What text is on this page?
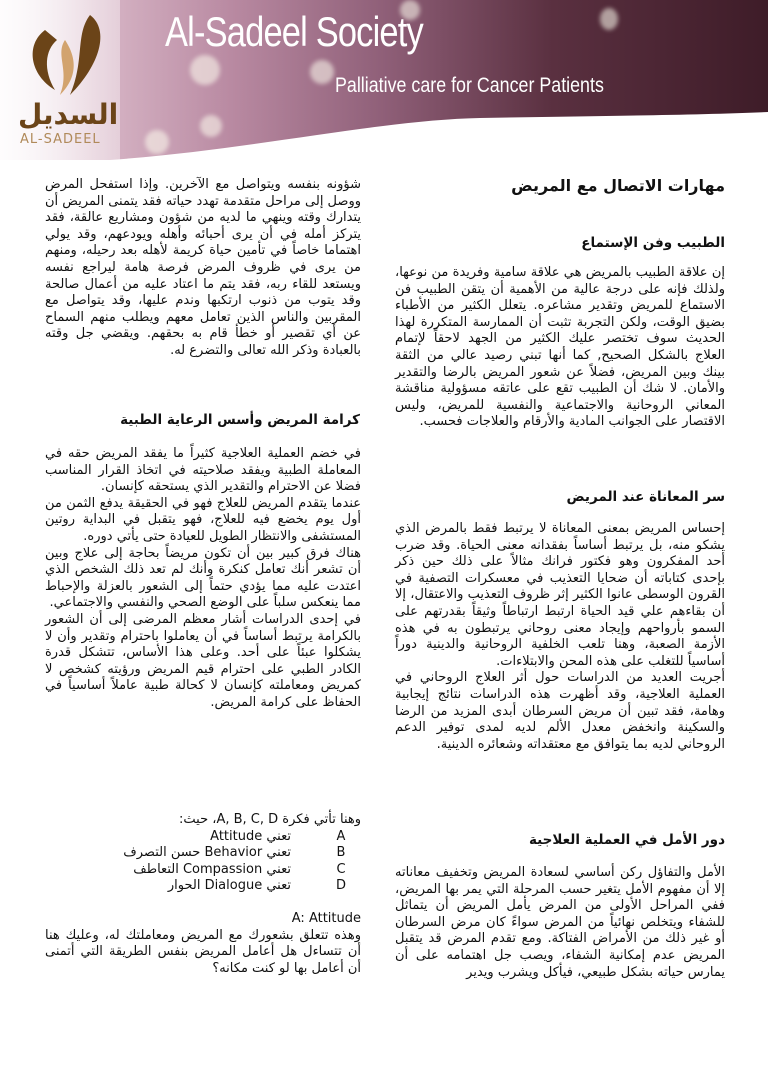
السديل
AL-SADEEL
Al-Sadeel Society
Palliative care for Cancer Patients
مهارات الاتصال مع المريض
الطبيب وفن الإستماع

إن علاقة الطبيب بالمريض هي علاقة سامية وفريدة من نوعها، ولذلك فإنه على درجة عالية من الأهمية أن يتقن الطبيب فن الاستماع للمريض وتقدير مشاعره. يتعلل الكثير من الأطباء بضيق الوقت، ولكن التجربة تثبت أن الممارسة المتكررة لهذا الحديث سوف تختصر عليك الكثير من الجهد لاحقاً لإتمام العلاج بالشكل الصحيح, كما أنها تبني رصيد عالي من الثقة بينك وبين المريض، فضلاً عن شعور المريض بالرضا والتقدير والأمان. لا شك أن الطبيب تقع على عاتقه مسؤولية مناقشة المعاني الروحانية والاجتماعية والنفسية للمريض، وليس الاقتصار على الجوانب المادية والأرقام والعلاجات فحسب.

سر المعاناة عند المريض

إحساس المريض بمعنى المعاناة لا يرتبط فقط بالمرض الذي يشكو منه، بل يرتبط أساساً بفقدانه معنى الحياة. وقد ضرب أحد المفكرون وهو فكتور فرانك مثالاً على ذلك حين ذكر بإحدى كتاباته أن ضحايا التعذيب في معسكرات التصفية في القرون الوسطى عانوا الكثير إثر ظروف التعذيب والاعتقال، إلا أن بقاءهم علي قيد الحياة ارتبط ارتباطاً وثيقاً بقدرتهم على السمو بأرواحهم وإيجاد معنى روحاني يرتبطون به في هذه الأزمة الصعبة، وهنا تلعب الخلفية الروحانية والدينية دوراً أساسياً للتغلب على هذه المحن والابتلاءات.

أجريت العديد من الدراسات حول أثر العلاج الروحاني في العملية العلاجية، وقد أظهرت هذه الدراسات نتائج إيجابية وهامة، فقد تبين أن مريض السرطان أبدى المزيد من الرضا والسكينة وانخفض معدل الألم لديه لمدى توفير الدعم الروحاني لديه بما يتوافق مع معتقداته وشعائره الدينية.

دور الأمل في العملية العلاجية

الأمل والتفاؤل ركن أساسي لسعادة المريض وتخفيف معاناته إلا أن مفهوم الأمل يتغير حسب المرحلة التي يمر بها المريض، ففي المراحل الأولى من المرض يأمل المريض أن يتماثل للشفاء ويتخلص نهائياً من المرض سواءً كان مرض السرطان أو غير ذلك من الأمراض الفتاكة. ومع تقدم المرض قد يتقبل المريض عدم إمكانية الشفاء، ويصب جل اهتمامه على أن يمارس حياته بشكل طبيعي، فيأكل ويشرب ويدير

شؤونه بنفسه ويتواصل مع الآخرين. وإذا استفحل المرض ووصل إلى مراحل متقدمة تهدد حياته فقد يتمنى المريض أن يتدارك وقته وينهي ما لديه من شؤون ومشاريع عالقة، فقد يتركز أمله في أن يرى أحبائه وأهله ويودعهم، وقد يولي اهتماما خاصاً في تأمين حياة كريمة لأهله بعد رحيله، ومنهم من يرى في ظروف المرض فرصة هامة ليراجع نفسه ويستعد للقاء ربه، فقد يتم ما اعتاد عليه من أعمال صالحة وقد يتوب من ذنوب ارتكبها وندم عليها، وقد يتواصل مع المقربين والناس الذين تعامل معهم ويطلب منهم السماح عن أي تقصير أو خطأ قام به بحقهم. ويقضي جل وقته بالعبادة وذكر الله تعالى والتضرع له.

كرامة المريض وأسس الرعاية الطبية

في خضم العملية العلاجية كثيراً ما يفقد المريض حقه في المعاملة الطبية ويفقد صلاحيته في اتخاذ القرار المناسب فضلا عن الاحترام والتقدير الذي يستحقه كإنسان.

عندما يتقدم المريض للعلاج فهو في الحقيقة يدفع الثمن من أول يوم يخضع فيه للعلاج، فهو يتقبل في البداية روتين المستشفى والانتظار الطويل للعيادة حتى يأتي دوره.

هناك فرق كبير بين أن تكون مريضاً بحاجة إلى علاج وبين أن تشعر أنك تعامل كنكرة وأنك لم تعد ذلك الشخص الذي اعتدت عليه مما يؤدي حتماً إلى الشعور بالعزلة والإحباط مما ينعكس سلباً على الوضع الصحي والنفسي والاجتماعي.

في إحدى الدراسات أشار معظم المرضى إلى أن الشعور بالكرامة يرتبط أساساً في أن يعاملوا باحترام وتقدير وأن لا يشكلوا عبئاً على أحد. وعلى هذا الأساس، تتشكل قدرة الكادر الطبي على احترام قيم المريض ورؤيته كشخص لا كمريض ومعاملته كإنسان لا كحالة طبية عاملاً أساسياً في الحفاظ على كرامة المريض.

وهنا تأتي فكرة A, B, C, D، حيث:
A
تعني Attitude
B
تعني Behavior حسن التصرف
C
تعني Compassion التعاطف
D
تعني Dialogue الحوار
A: Attitude

وهذه تتعلق بشعورك مع المريض ومعاملتك له، وعليك هنا أن تتساءل هل أعامل المريض بنفس الطريقة التي أتمنى أن أعامل بها لو كنت مكانه؟
